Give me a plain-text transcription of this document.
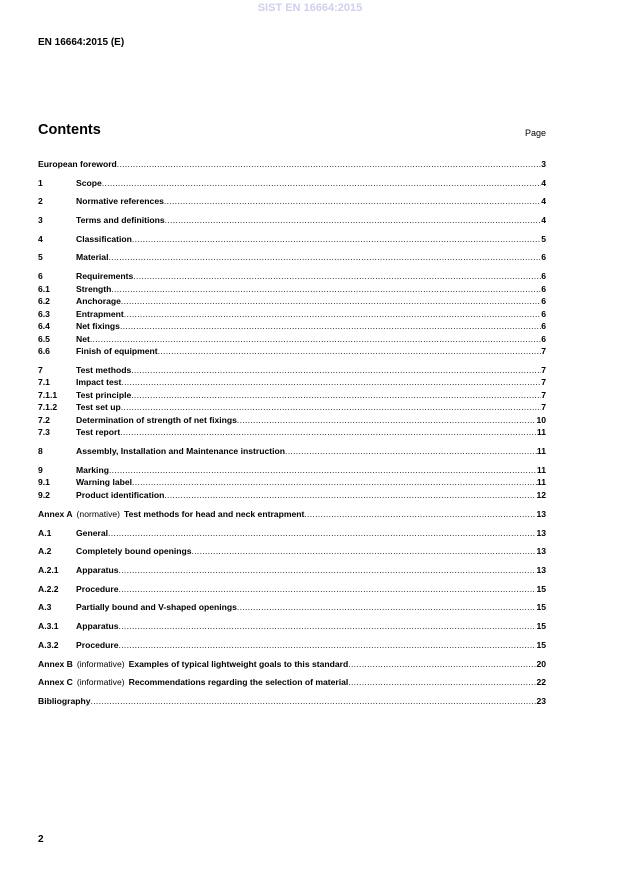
SIST EN 16664:2015
EN 16664:2015 (E)
Contents	Page
European foreword .....	3
1	Scope .....	4
2	Normative references .....	4
3	Terms and definitions .....	4
4	Classification .....	5
5	Material .....	6
6	Requirements .....	6
6.1	Strength .....	6
6.2	Anchorage .....	6
6.3	Entrapment .....	6
6.4	Net fixings .....	6
6.5	Net .....	6
6.6	Finish of equipment .....	7
7	Test methods .....	7
7.1	Impact test .....	7
7.1.1	Test principle .....	7
7.1.2	Test set up .....	7
7.2	Determination of strength of net fixings .....	10
7.3	Test report .....	11
8	Assembly, Installation and Maintenance instruction .....	11
9	Marking .....	11
9.1	Warning label .....	11
9.2	Product identification .....	12
Annex A (normative) Test methods for head and neck entrapment .....	13
A.1	General .....	13
A.2	Completely bound openings .....	13
A.2.1	Apparatus .....	13
A.2.2	Procedure .....	15
A.3	Partially bound and V-shaped openings .....	15
A.3.1	Apparatus .....	15
A.3.2	Procedure .....	15
Annex B (informative) Examples of typical lightweight goals to this standard .....	20
Annex C (informative) Recommendations regarding the selection of material .....	22
Bibliography .....	23
2
